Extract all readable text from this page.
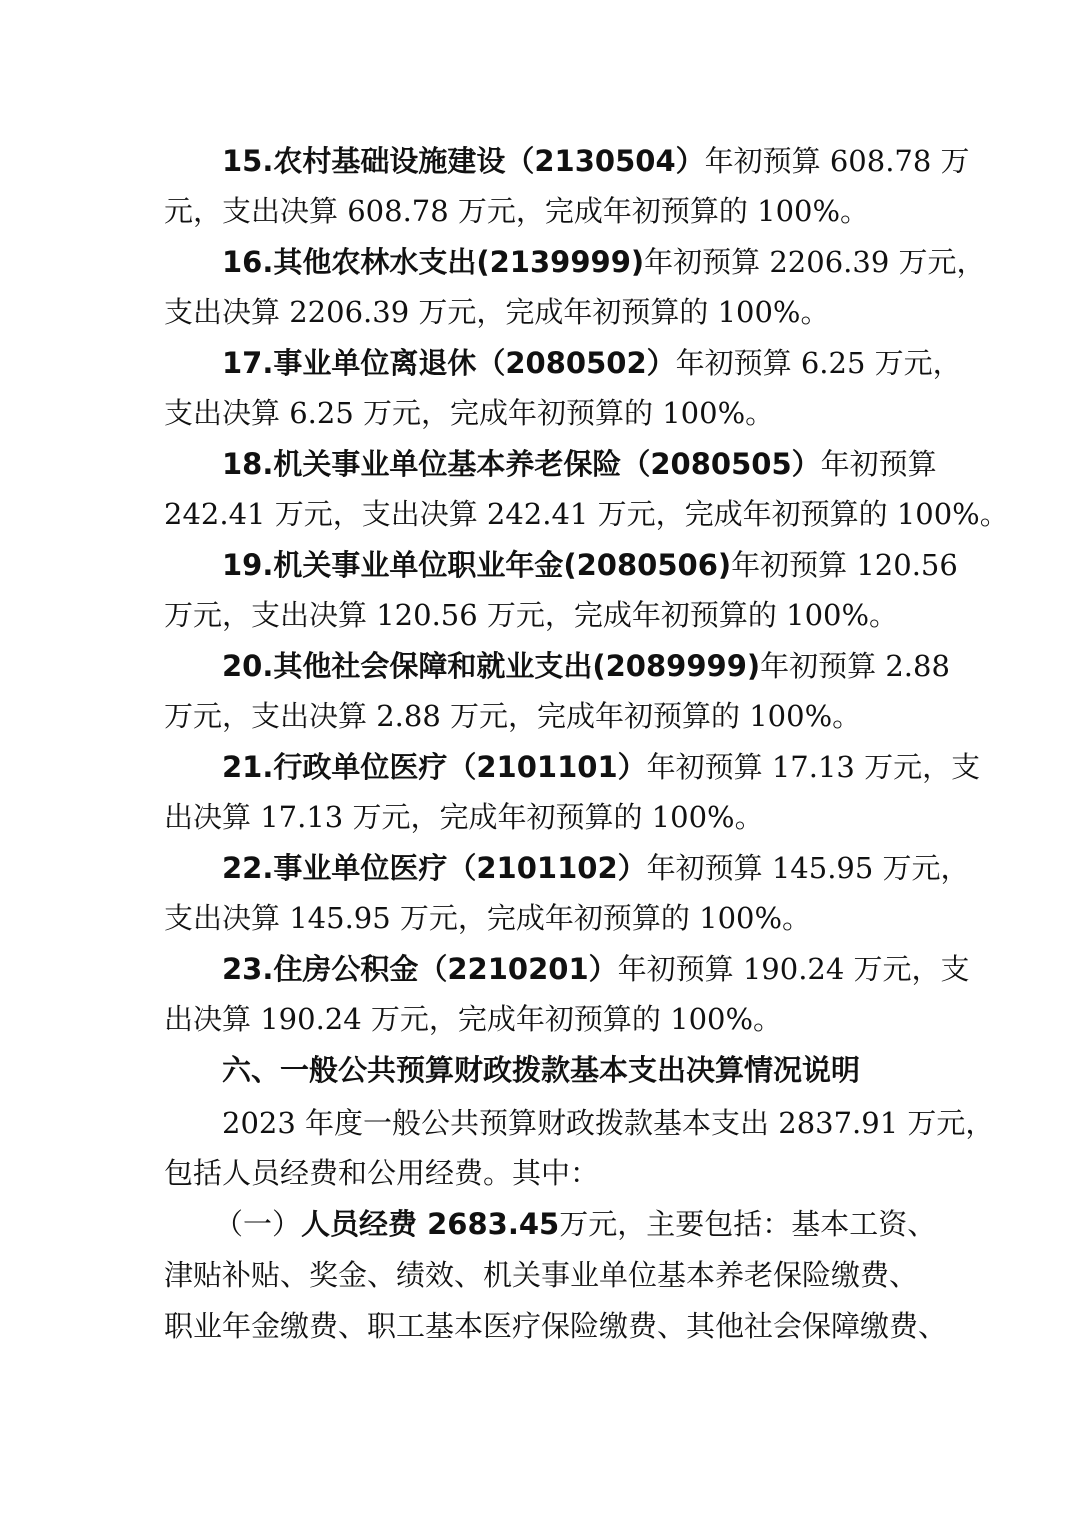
15.农村基础设施建设（2130504）年初预算 608.78 万
元，支出决算 608.78 万元，完成年初预算的 100%。
16.其他农林水支出(2139999)年初预算 2206.39 万元，
支出决算 2206.39 万元，完成年初预算的 100%。
17.事业单位离退休（2080502）年初预算 6.25 万元，
支出决算 6.25 万元，完成年初预算的 100%。
18.机关事业单位基本养老保险（2080505）年初预算
242.41 万元，支出决算 242.41 万元，完成年初预算的 100%。
19.机关事业单位职业年金(2080506)年初预算 120.56
万元，支出决算 120.56 万元，完成年初预算的 100%。
20.其他社会保障和就业支出(2089999)年初预算 2.88
万元，支出决算 2.88 万元，完成年初预算的 100%。
21.行政单位医疗（2101101）年初预算 17.13 万元，支
出决算 17.13 万元，完成年初预算的 100%。
22.事业单位医疗（2101102）年初预算 145.95 万元，
支出决算 145.95 万元，完成年初预算的 100%。
23.住房公积金（2210201）年初预算 190.24 万元，支
出决算 190.24 万元，完成年初预算的 100%。
六、一般公共预算财政拨款基本支出决算情况说明
2023 年度一般公共预算财政拨款基本支出 2837.91 万元，
包括人员经费和公用经费。其中：
（一）人员经费 2683.45万元，主要包括：基本工资、
津贴补贴、奖金、绩效、机关事业单位基本养老保险缴费、
职业年金缴费、职工基本医疗保险缴费、其他社会保障缴费、
